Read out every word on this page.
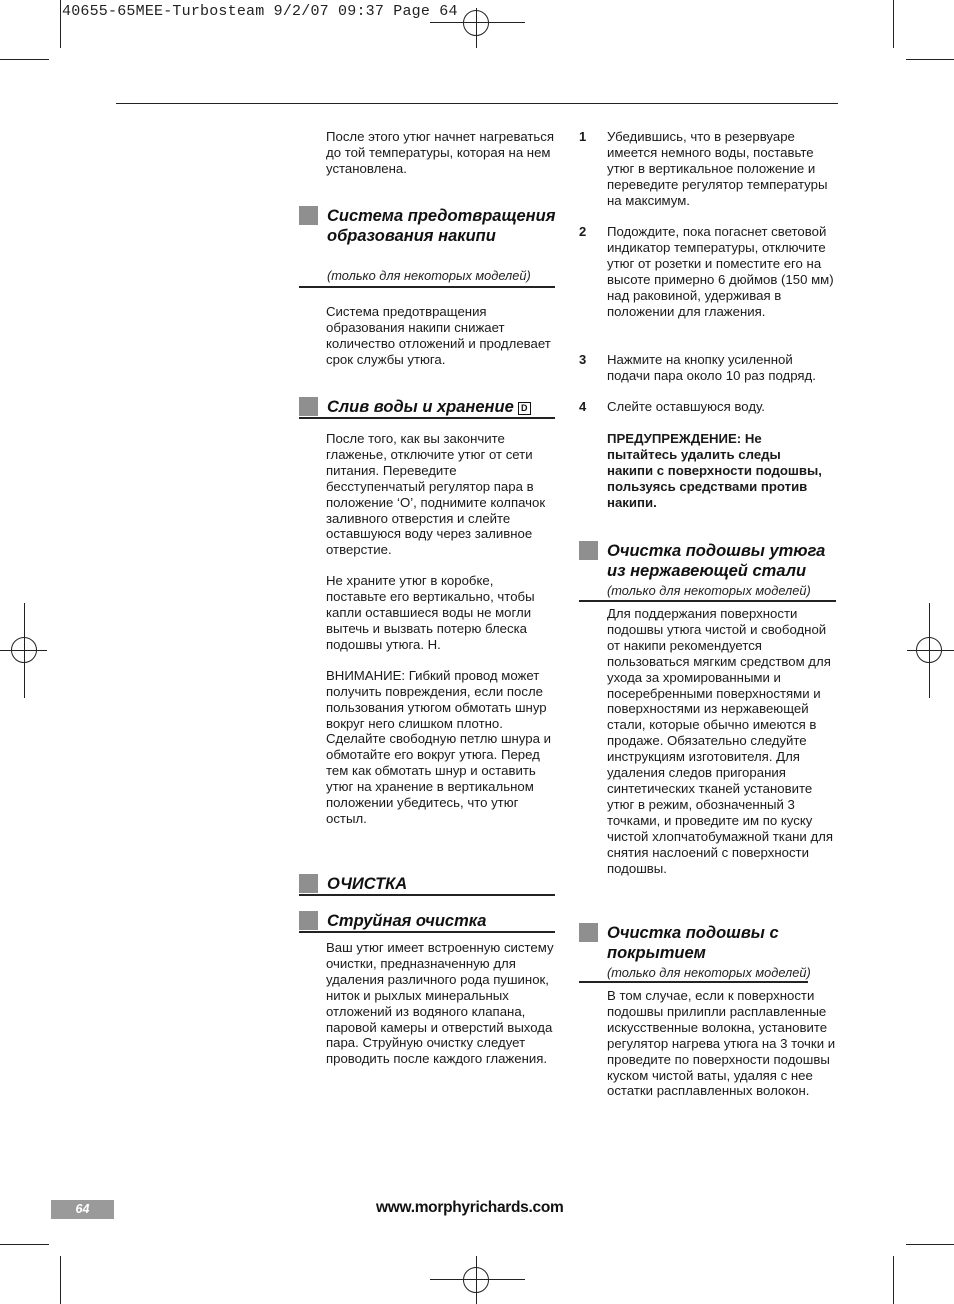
40655-65MEE-Turbosteam 9/2/07 09:37 Page 64

После этого утюг начнет нагреваться до той температуры, которая на нем установлена.

Система предотвращения образования накипи
(только для некоторых моделей)

Система предотвращения образования накипи снижает количество отложений и продлевает срок службы утюга.

Слив воды и хранение D

После того, как вы закончите глаженье, отключите утюг от сети питания. Переведите бесступенчатый регулятор пара в положение ‘O’, поднимите колпачок заливного отверстия и слейте оставшуюся воду через заливное отверстие.

Не храните утюг в коробке, поставьте его вертикально, чтобы капли оставшиеся воды не могли вытечь и вызвать потерю блеска подошвы утюга. H.

ВНИМАНИЕ: Гибкий провод может получить повреждения, если после пользования утюгом обмотать шнур вокруг него слишком плотно. Сделайте свободную петлю шнура и обмотайте его вокруг утюга. Перед тем как обмотать шнур и оставить утюг на хранение в вертикальном положении убедитесь, что утюг остыл.

ОЧИСТКА
Струйная очистка

Ваш утюг имеет встроенную систему очистки, предназначенную для удаления различного рода пушинок, ниток и рыхлых минеральных отложений из водяного клапана, паровой камеры и отверстий выхода пара. Струйную очистку следует проводить после каждого глажения.

1 Убедившись, что в резервуаре имеется немного воды, поставьте утюг в вертикальное положение и переведите регулятор температуры на максимум.

2 Подождите, пока погаснет световой индикатор температуры, отключите утюг от розетки и поместите его на высоте примерно 6 дюймов (150 мм) над раковиной, удерживая в положении для глажения.

3 Нажмите на кнопку усиленной подачи пара около 10 раз подряд.

4 Слейте оставшуюся воду.

ПРЕДУПРЕЖДЕНИЕ: Не пытайтесь удалить следы накипи с поверхности подошвы, пользуясь средствами против накипи.

Очистка подошвы утюга из нержавеющей стали
(только для некоторых моделей)

Для поддержания поверхности подошвы утюга чистой и свободной от накипи рекомендуется пользоваться мягким средством для ухода за хромированными и посеребренными поверхностями и поверхностями из нержавеющей стали, которые обычно имеются в продаже. Обязательно следуйте инструкциям изготовителя. Для удаления следов пригорания синтетических тканей установите утюг в режим, обозначенный 3 точками, и проведите им по куску чистой хлопчатобумажной ткани для снятия наслоений с поверхности подошвы.

Очистка подошвы с покрытием
(только для некоторых моделей)

В том случае, если к поверхности подошвы прилипли расплавленные искусственные волокна, установите регулятор нагрева утюга на 3 точки и проведите по поверхности подошвы куском чистой ваты, удаляя с нее остатки расплавленных волокон.

64	www.morphyrichards.com
